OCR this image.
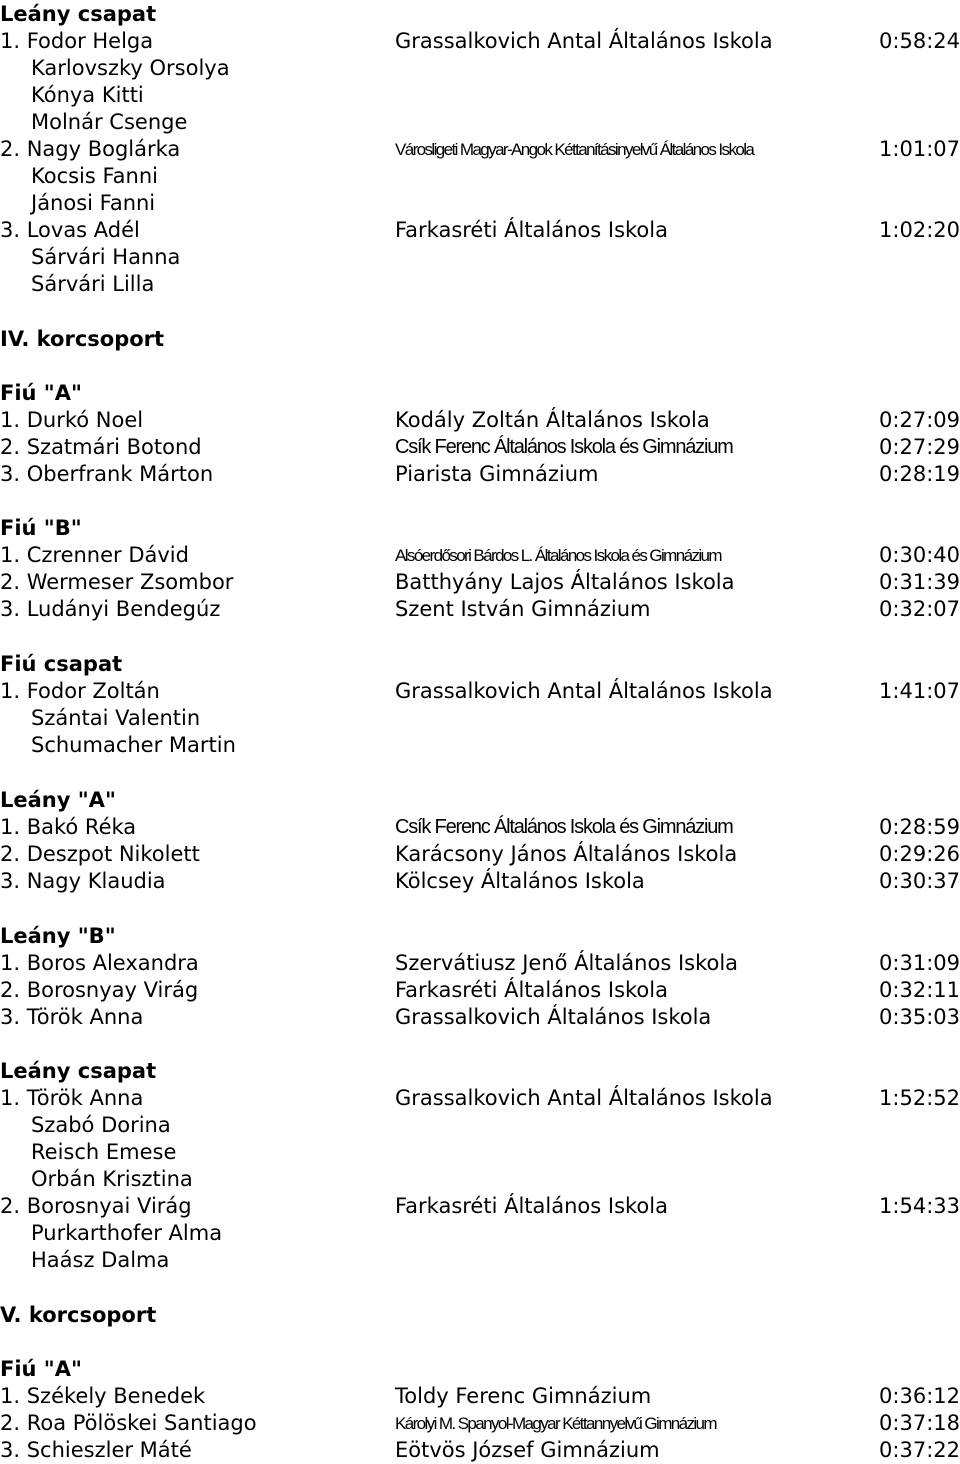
Leány csapat
1. Fodor Helga	Grassalkovich Antal Általános Iskola	0:58:24
Karlovszky Orsolya
Kónya Kitti
Molnár Csenge
2. Nagy Boglárka	Városligeti Magyar-Angok Kéttanításinyelvű Általános Iskola	1:01:07
Kocsis Fanni
Jánosi Fanni
3. Lovas Adél	Farkasréti Általános Iskola	1:02:20
Sárvári Hanna
Sárvári Lilla
IV. korcsoport
Fiú "A"
1. Durkó Noel	Kodály Zoltán Általános Iskola	0:27:09
2. Szatmári Botond	Csík Ferenc Általános Iskola és Gimnázium	0:27:29
3. Oberfrank Márton	Piarista Gimnázium	0:28:19
Fiú "B"
1. Czrenner Dávid	Alsóerdősori Bárdos L. Általános Iskola és Gimnázium	0:30:40
2. Wermeser Zsombor	Batthyány Lajos Általános Iskola	0:31:39
3. Ludányi Bendegúz	Szent István Gimnázium	0:32:07
Fiú csapat
1. Fodor Zoltán	Grassalkovich Antal Általános Iskola	1:41:07
Szántai Valentin
Schumacher Martin
Leány "A"
1. Bakó Réka	Csík Ferenc Általános Iskola és Gimnázium	0:28:59
2. Deszpot Nikolett	Karácsony János Általános Iskola	0:29:26
3. Nagy Klaudia	Kölcsey Általános Iskola	0:30:37
Leány "B"
1. Boros Alexandra	Szervátiusz Jenő Általános Iskola	0:31:09
2. Borosnyay Virág	Farkasréti Általános Iskola	0:32:11
3. Török Anna	Grassalkovich Általános Iskola	0:35:03
Leány csapat
1. Török Anna	Grassalkovich Antal Általános Iskola	1:52:52
Szabó Dorina
Reisch Emese
Orbán Krisztina
2. Borosnyai Virág	Farkasréti Általános Iskola	1:54:33
Purkarthofer Alma
Haász Dalma
V. korcsoport
Fiú "A"
1. Székely Benedek	Toldy Ferenc Gimnázium	0:36:12
2. Roa Pölöskei Santiago	Károlyi M. Spanyol-Magyar Kéttannyelvű Gimnázium	0:37:18
3. Schieszler Máté	Eötvös József Gimnázium	0:37:22
